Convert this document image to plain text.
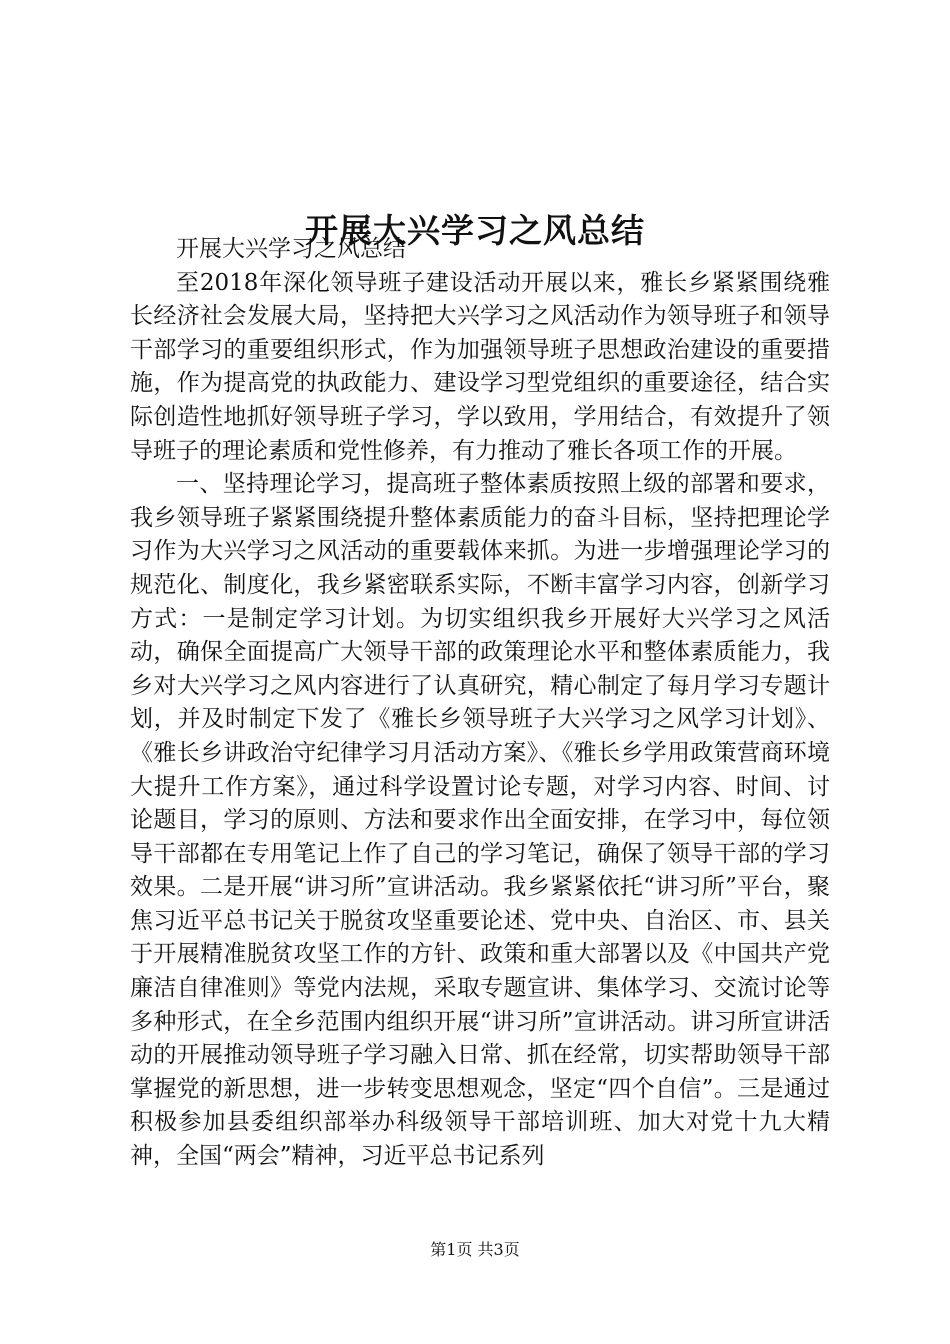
开展大兴学习之风总结

开展大兴学习之风总结

至2018年深化领导班子建设活动开展以来，雅长乡紧紧围绕雅长经济社会发展大局，坚持把大兴学习之风活动作为领导班子和领导干部学习的重要组织形式，作为加强领导班子思想政治建设的重要措施，作为提高党的执政能力、建设学习型党组织的重要途径，结合实际创造性地抓好领导班子学习，学以致用，学用结合，有效提升了领导班子的理论素质和党性修养，有力推动了雅长各项工作的开展。

一、坚持理论学习，提高班子整体素质按照上级的部署和要求，我乡领导班子紧紧围绕提升整体素质能力的奋斗目标，坚持把理论学习作为大兴学习之风活动的重要载体来抓。为进一步增强理论学习的规范化、制度化，我乡紧密联系实际，不断丰富学习内容，创新学习方式：一是制定学习计划。为切实组织我乡开展好大兴学习之风活动，确保全面提高广大领导干部的政策理论水平和整体素质能力，我乡对大兴学习之风内容进行了认真研究，精心制定了每月学习专题计划，并及时制定下发了《雅长乡领导班子大兴学习之风学习计划》、《雅长乡讲政治守纪律学习月活动方案》、《雅长乡学用政策营商环境大提升工作方案》，通过科学设置讨论专题，对学习内容、时间、讨论题目，学习的原则、方法和要求作出全面安排，在学习中，每位领导干部都在专用笔记上作了自己的学习笔记，确保了领导干部的学习效果。二是开展“讲习所”宣讲活动。我乡紧紧依托“讲习所”平台，聚焦习近平总书记关于脱贫攻坚重要论述、党中央、自治区、市、县关于开展精准脱贫攻坚工作的方针、政策和重大部署以及《中国共产党廉洁自律准则》等党内法规，采取专题宣讲、集体学习、交流讨论等多种形式，在全乡范围内组织开展“讲习所”宣讲活动。讲习所宣讲活动的开展推动领导班子学习融入日常、抓在经常，切实帮助领导干部掌握党的新思想，进一步转变思想观念，坚定“四个自信”。三是通过积极参加县委组织部举办科级领导干部培训班、加大对党十九大精神，全国“两会”精神，习近平总书记系列

第1页 共3页
